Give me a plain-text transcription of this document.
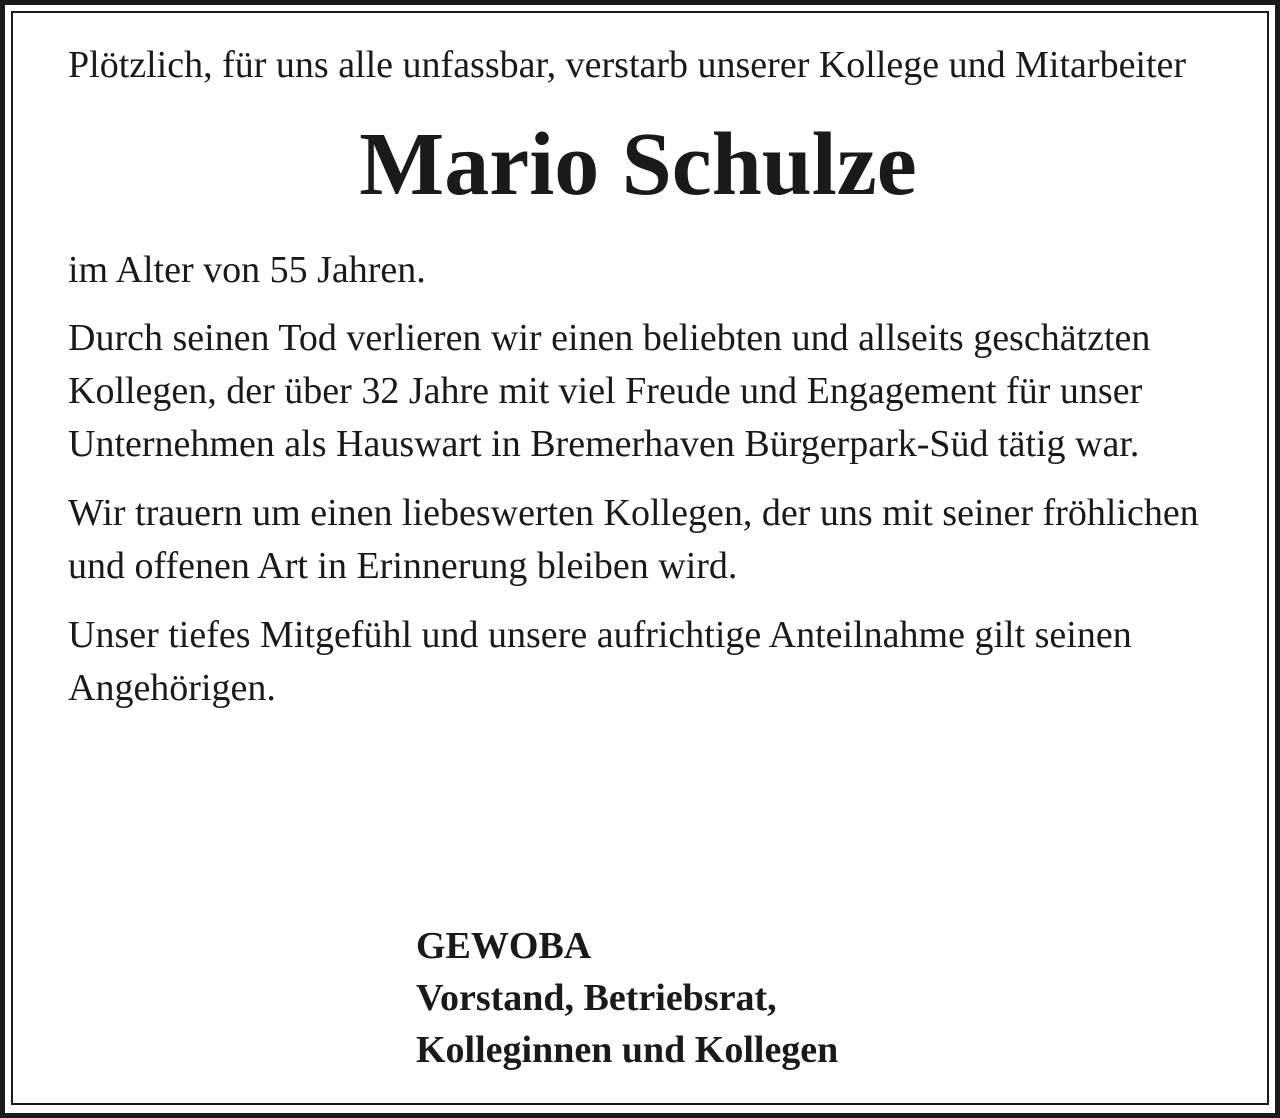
Plötzlich, für uns alle unfassbar, verstarb unserer Kollege und Mitarbeiter

Mario Schulze

im Alter von 55 Jahren.

Durch seinen Tod verlieren wir einen beliebten und allseits geschätzten Kollegen, der über 32 Jahre mit viel Freude und Engagement für unser Unternehmen als Hauswart in Bremerhaven Bürgerpark-Süd tätig war.

Wir trauern um einen liebeswerten Kollegen, der uns mit seiner fröhlichen und offenen Art in Erinnerung bleiben wird.

Unser tiefes Mitgefühl und unsere aufrichtige Anteilnahme gilt seinen Angehörigen.

GEWOBA
Vorstand, Betriebsrat,
Kolleginnen und Kollegen
